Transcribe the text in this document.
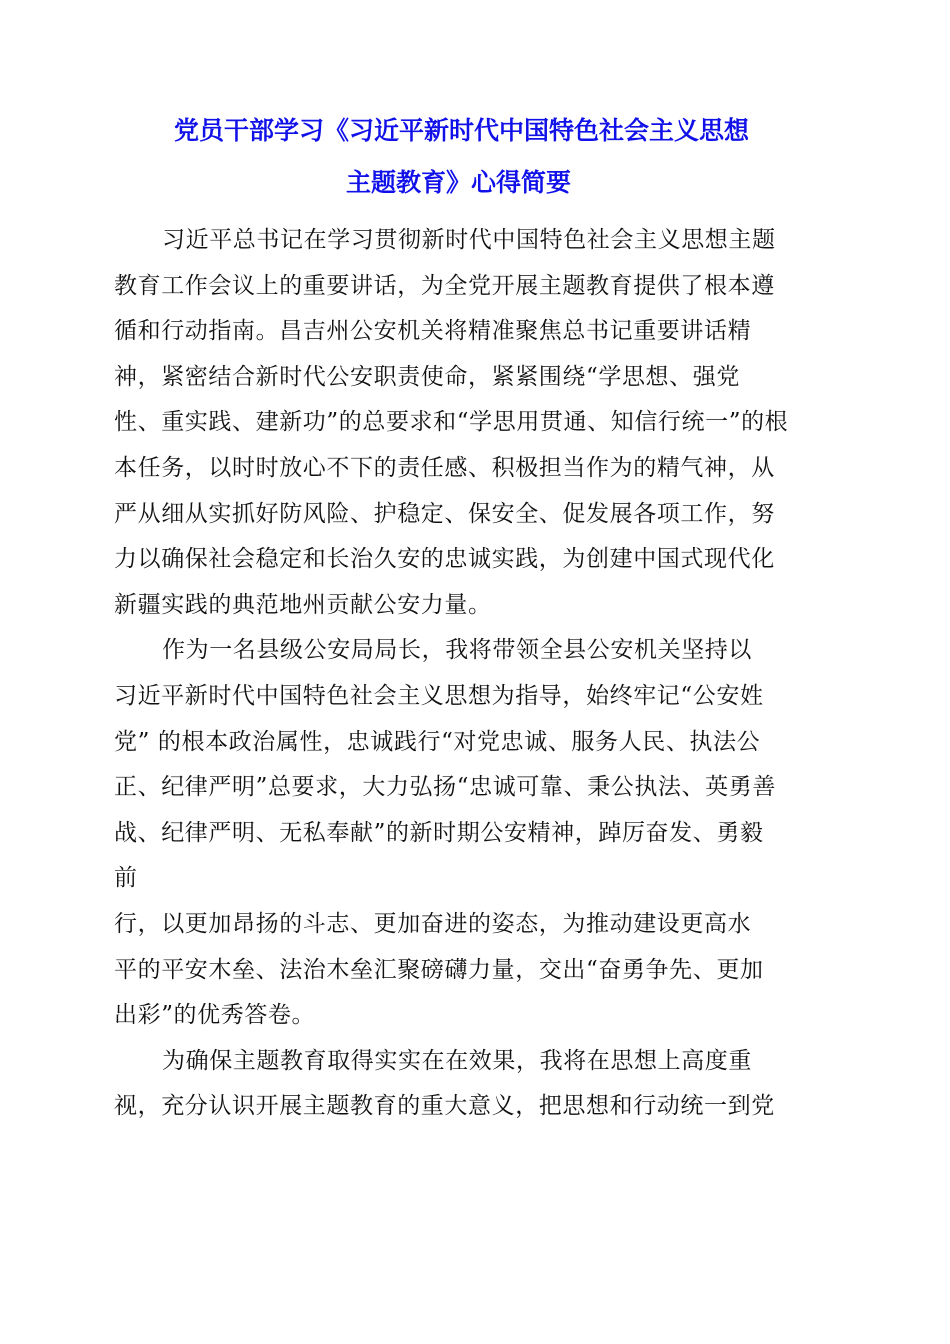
党员干部学习《习近平新时代中国特色社会主义思想
主题教育》心得简要
习近平总书记在学习贯彻新时代中国特色社会主义思想主题
教育工作会议上的重要讲话，为全党开展主题教育提供了根本遵
循和行动指南。昌吉州公安机关将精准聚焦总书记重要讲话精
神，紧密结合新时代公安职责使命，紧紧围绕“学思想、强党
性、重实践、建新功”的总要求和“学思用贯通、知信行统一”的根
本任务，以时时放心不下的责任感、积极担当作为的精气神，从
严从细从实抓好防风险、护稳定、保安全、促发展各项工作，努
力以确保社会稳定和长治久安的忠诚实践，为创建中国式现代化
新疆实践的典范地州贡献公安力量。
作为一名县级公安局局长，我将带领全县公安机关坚持以
习近平新时代中国特色社会主义思想为指导，始终牢记“公安姓
党” 的根本政治属性，忠诚践行“对党忠诚、服务人民、执法公
正、纪律严明”总要求，大力弘扬“忠诚可靠、秉公执法、英勇善
战、纪律严明、无私奉献”的新时期公安精神，踔厉奋发、勇毅
前
行，以更加昂扬的斗志、更加奋进的姿态，为推动建设更高水
平的平安木垒、法治木垒汇聚磅礴力量，交出“奋勇争先、更加
出彩”的优秀答卷。
为确保主题教育取得实实在在效果，我将在思想上高度重
视，充分认识开展主题教育的重大意义，把思想和行动统一到党
